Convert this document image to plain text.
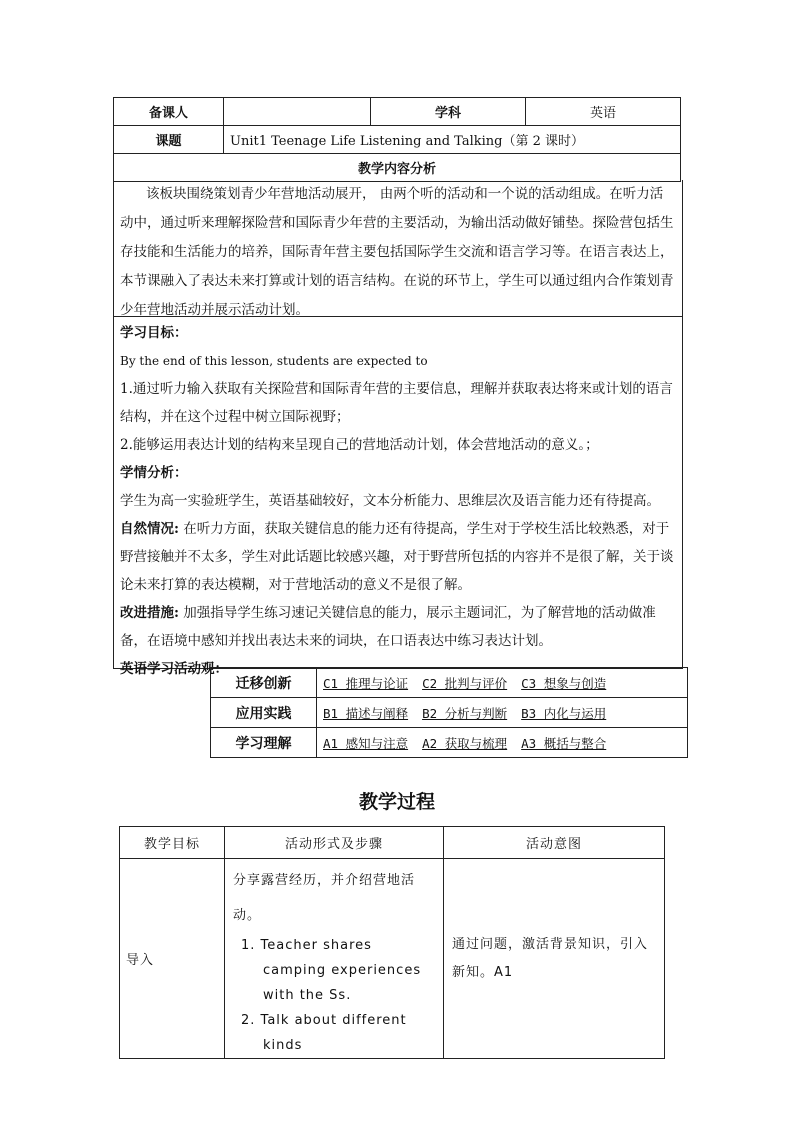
备课人		学科	英语
课题	Unit1 Teenage Life Listening and Talking（第 2 课时）		
教学内容分析			
该板块围绕策划青少年营地活动展开， 由两个听的活动和一个说的活动组成。在听力活动中，通过听来理解探险营和国际青少年营的主要活动，为输出活动做好铺垫。探险营包括生存技能和生活能力的培养，国际青年营主要包括国际学生交流和语言学习等。在语言表达上，本节课融入了表达未来打算或计划的语言结构。在说的环节上，学生可以通过组内合作策划青少年营地活动并展示活动计划。
学习目标：
By the end of this lesson, students are expected to
1.通过听力输入获取有关探险营和国际青年营的主要信息，理解并获取表达将来或计划的语言结构，并在这个过程中树立国际视野；
2.能够运用表达计划的结构来呈现自己的营地活动计划，体会营地活动的意义。；
学情分析：
学生为高一实验班学生，英语基础较好，文本分析能力、思维层次及语言能力还有待提高。
自然情况: 在听力方面，获取关键信息的能力还有待提高，学生对于学校生活比较熟悉，对于野营接触并不太多，学生对此话题比较感兴趣，对于野营所包括的内容并不是很了解，关于谈论未来打算的表达模糊，对于营地活动的意义不是很了解。
改进措施: 加强指导学生练习速记关键信息的能力，展示主题词汇，为了解营地的活动做准备，在语境中感知并找出表达未来的词块，在口语表达中练习表达计划。
英语学习活动观：
迁移创新	C1 推理与论证 C2 批判与评价 C3 想象与创造
应用实践	B1 描述与阐释 B2 分析与判断 B3 内化与运用
学习理解	A1 感知与注意 A2 获取与梳理 A3 概括与整合
教学过程
教学目标	活动形式及步骤	活动意图
导入	分享露营经历，并介绍营地活动。

1. Teacher shares camping experiences with the Ss.

2. Talk about different kinds	通过问题，激活背景知识，引入新知。A1
